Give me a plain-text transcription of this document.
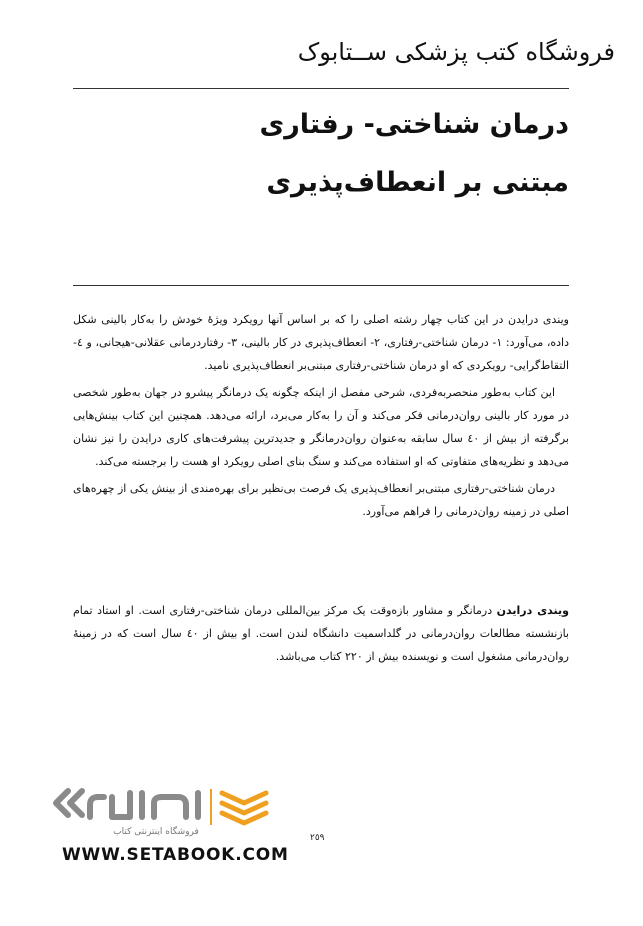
فروشگاه کتب پزشکی ســتابوک
درمان شناختی- رفتاری
مبتنی بر انعطاف‌پذیری

ویندی درایدن در این کتاب چهار رشته اصلی را که بر اساس آنها رویکرد ویژۀ خودش را به‌کار بالینی شکل داده، می‌آورد: ۱- درمان شناختی-رفتاری، ۲- انعطاف‌پذیری در کار بالینی، ۳- رفتاردرمانی عقلانی-هیجانی، و ٤- التقاط‌گرایی- رویکردی که او درمان شناختی-رفتاری مبتنی‌بر انعطاف‌پذیری نامید.

این کتاب به‌طور منحصربه‌فردی، شرحی مفصل از اینکه چگونه یک درمانگر پیشرو در جهان به‌طور شخصی در مورد کار بالینی روان‌درمانی فکر می‌کند و آن را به‌کار می‌برد، ارائه می‌دهد. همچنین این کتاب بینش‌هایی برگرفته از بیش از ٤٠ سال سابقه به‌عنوان روان‌درمانگر و جدیدترین پیشرفت‌های کاری درایدن را نیز نشان می‌دهد و نظریه‌های متفاوتی که او استفاده می‌کند و سنگ بنای اصلی رویکرد او هست را برجسته می‌کند.

درمان شناختی-رفتاری مبتنی‌بر انعطاف‌پذیری یک فرصت بی‌نظیر برای بهره‌مندی از بینش یکی از چهره‌های اصلی در زمینه روان‌درمانی را فراهم می‌آورد.

ویندی درایدن درمانگر و مشاور بازه‌وقت یک مرکز بین‌المللی درمان شناختی-رفتاری است. او استاد تمام بازنشسته مطالعات روان‌درمانی در گلداسمیت دانشگاه لندن است. او بیش از ٤٠ سال است که در زمینهٔ روان‌درمانی مشغول است و نویسنده بیش از ٢٢٠ کتاب می‌باشد.

٢٥٩
فروشگاه اینترنتی کتاب
WWW.SETABOOK.COM
